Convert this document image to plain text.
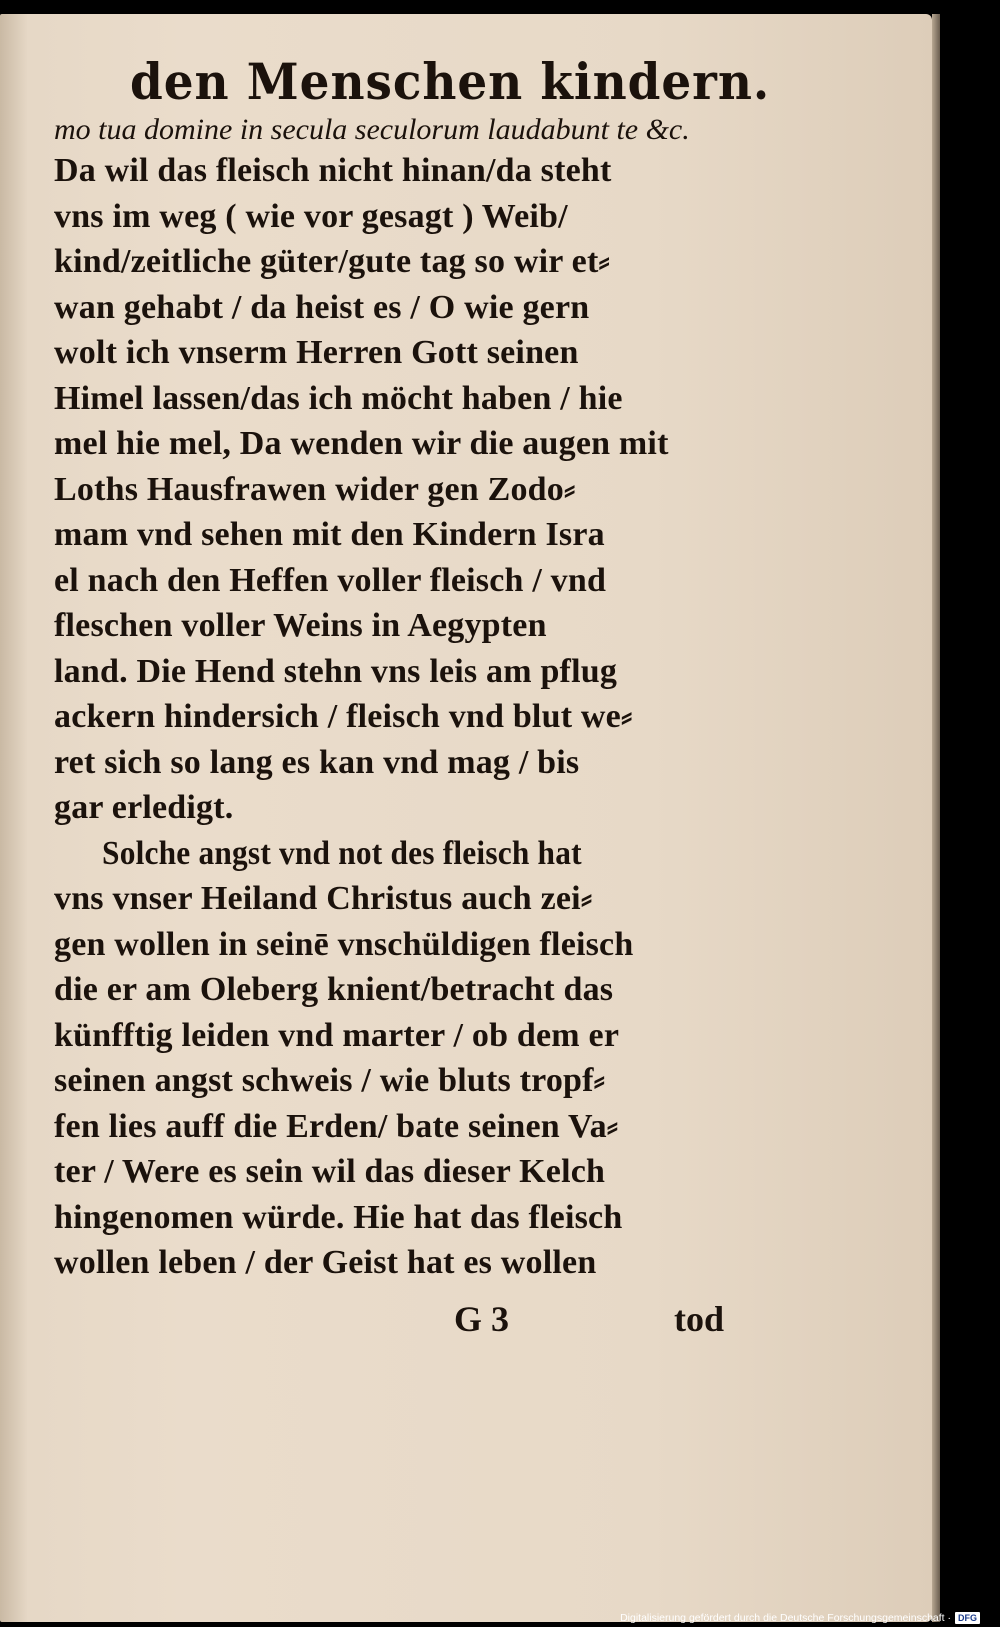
den Menschen kindern.
mo tua domine in secula seculorum laudabunt te &c.
Da wil das fleisch nicht hinan/da steht
vns im weg ( wie vor gesagt ) Weib/
kind/zeitliche güter/gute tag so wir et⸗
wan gehabt / da heist es / O wie gern
wolt ich vnserm Herren Gott seinen
Himel lassen/das ich möcht haben / hie
mel hie mel, Da wenden wir die augen mit
Loths Hausfrawen wider gen Zodo⸗
mam vnd sehen mit den Kindern Isra
el nach den Heffen voller fleisch / vnd
fleschen voller Weins in Aegypten
land. Die Hend stehn vns leis am pflug
ackern hindersich / fleisch vnd blut we⸗
ret sich so lang es kan vnd mag / bis
gar erledigt.
Solche angst vnd not des fleisch hat
vns vnser Heiland Christus auch zei⸗
gen wollen in seinē vnschüldigen fleisch
die er am Oleberg knient/betracht das
künfftig leiden vnd marter / ob dem er
seinen angst schweis / wie bluts tropf⸗
fen lies auff die Erden/ bate seinen Va⸗
ter / Were es sein wil das dieser Kelch
hingenomen würde. Hie hat das fleisch
wollen leben / der Geist hat es wollen
G 3	tod
Digitalisierung gefördert durch die Deutsche Forschungsgemeinschaft · DFG
